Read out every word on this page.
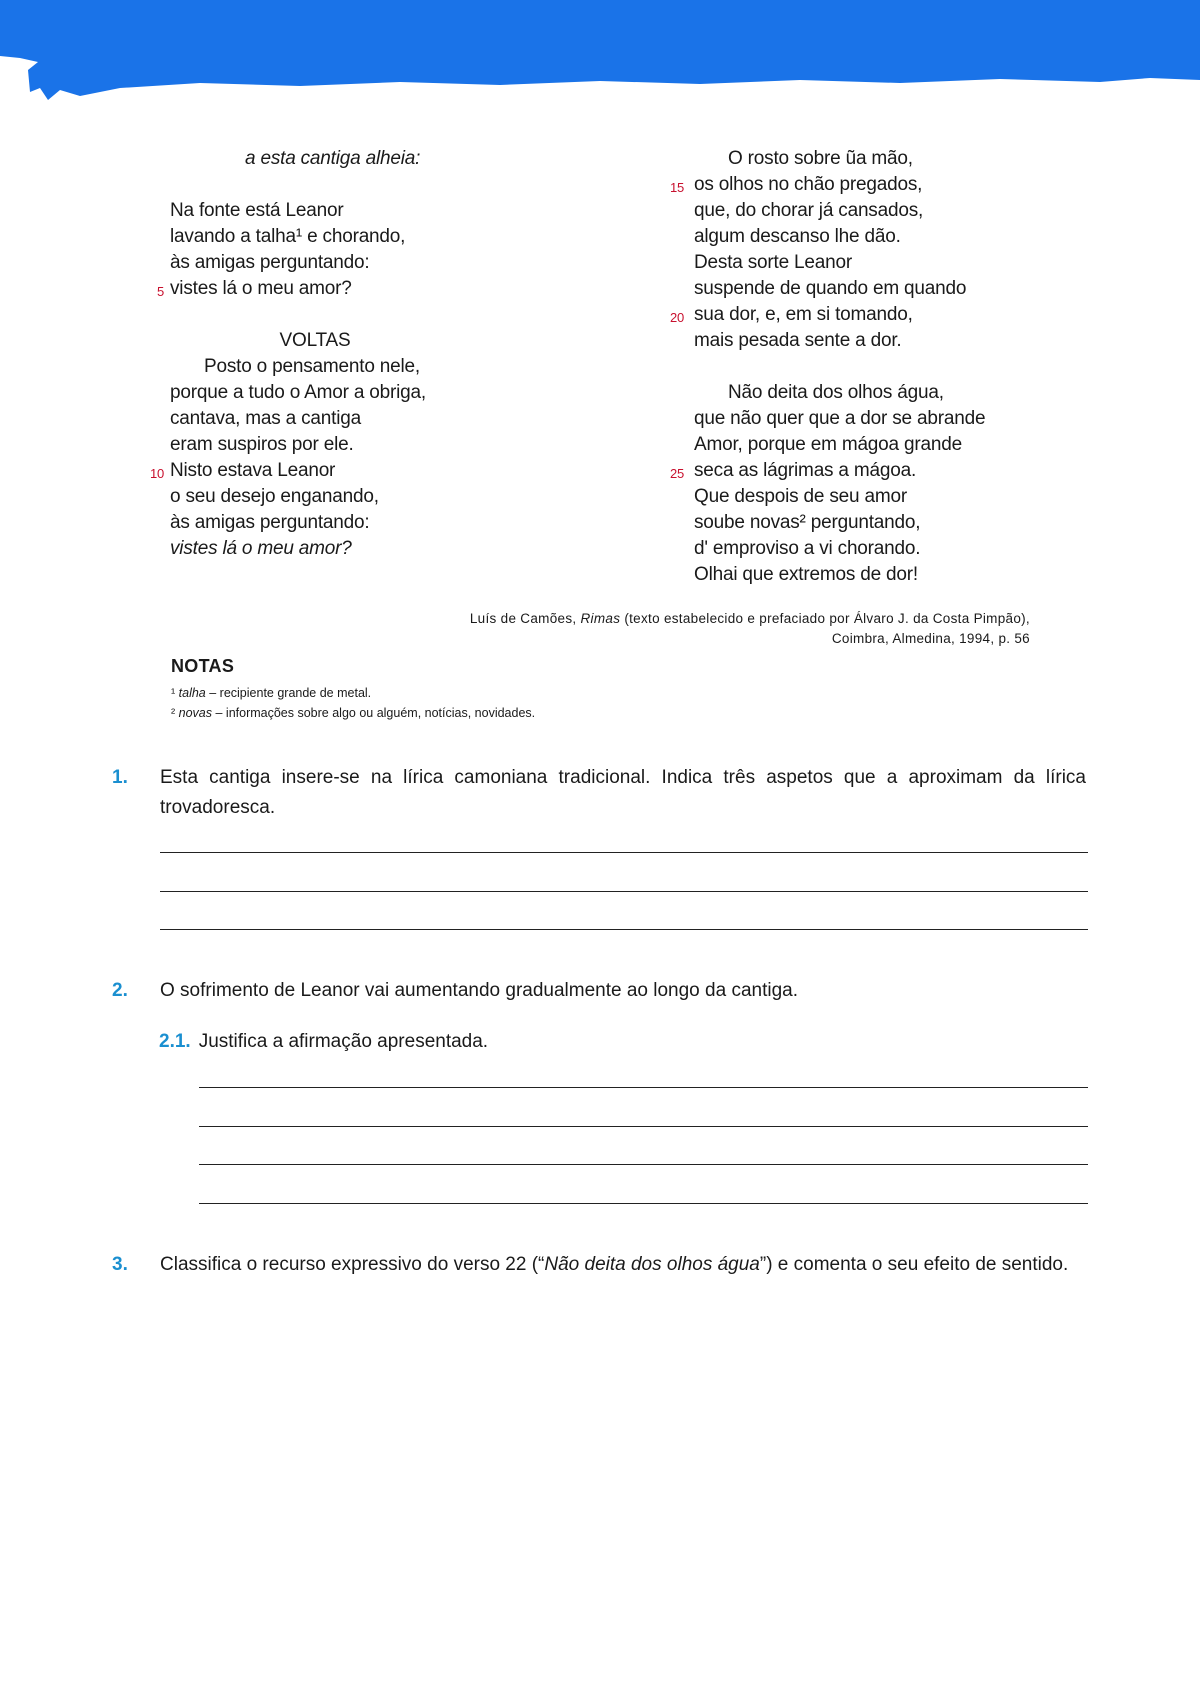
a esta cantiga alheia:
Na fonte está Leanor
lavando a talha¹ e chorando,
às amigas perguntando:
5 vistes lá o meu amor?
VOLTAS
Posto o pensamento nele,
porque a tudo o Amor a obriga,
cantava, mas a cantiga
eram suspiros por ele.
10 Nisto estava Leanor
o seu desejo enganando,
às amigas perguntando:
vistes lá o meu amor?
O rosto sobre ũa mão,
15 os olhos no chão pregados,
que, do chorar já cansados,
algum descanso lhe dão.
Desta sorte Leanor
suspende de quando em quando
20 sua dor, e, em si tomando,
mais pesada sente a dor.
Não deita dos olhos água,
que não quer que a dor se abrande
Amor, porque em mágoa grande
25 seca as lágrimas a mágoa.
Que despois de seu amor
soube novas² perguntando,
d' emproviso a vi chorando.
Olhai que extremos de dor!
Luís de Camões, Rimas (texto estabelecido e prefaciado por Álvaro J. da Costa Pimpão),
Coimbra, Almedina, 1994, p. 56
NOTAS
¹ talha – recipiente grande de metal.
² novas – informações sobre algo ou alguém, notícias, novidades.
1. Esta cantiga insere-se na lírica camoniana tradicional. Indica três aspetos que a aproximam da lírica trovadoresca.
2. O sofrimento de Leanor vai aumentando gradualmente ao longo da cantiga.
2.1. Justifica a afirmação apresentada.
3. Classifica o recurso expressivo do verso 22 (“Não deita dos olhos água”) e comenta o seu efeito de sentido.
